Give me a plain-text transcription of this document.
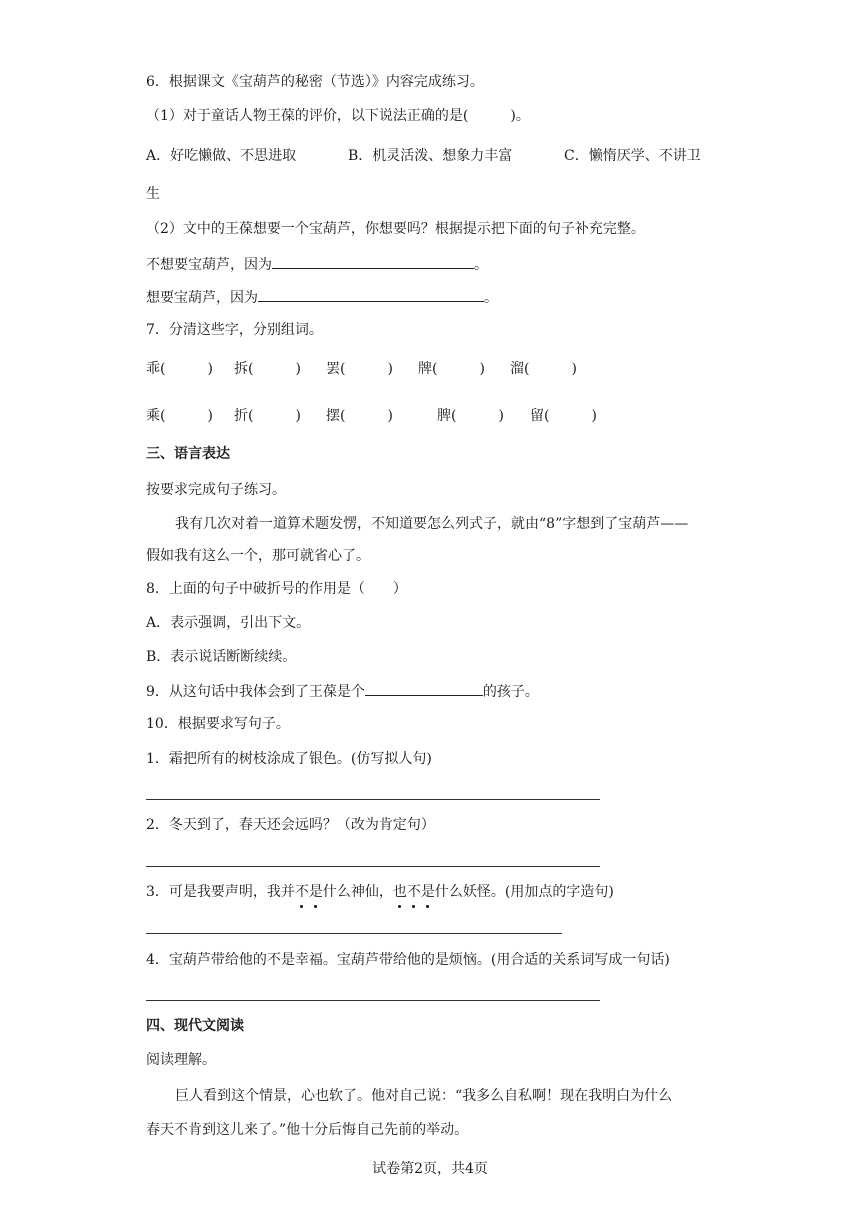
6．根据课文《宝葫芦的秘密（节选）》内容完成练习。
（1）对于童话人物王葆的评价，以下说法正确的是(　　　)。
A．好吃懒做、不思进取	B．机灵活泼、想象力丰富	C．懒惰厌学、不讲卫
生
（2）文中的王葆想要一个宝葫芦，你想要吗？根据提示把下面的句子补充完整。
不想要宝葫芦，因为	。
想要宝葫芦，因为	。
7．分清这些字，分别组词。
乖(　　　) 拆(　　　) 罢(　　　) 牌(　　　) 溜(　　　)
乘(　　　) 折(　　　) 摆(　　　)	脾(　　　) 留(　　　)
三、语言表达
按要求完成句子练习。
我有几次对着一道算术题发愣，不知道要怎么列式子，就由“8”字想到了宝葫芦——
假如我有这么一个，那可就省心了。
8．上面的句子中破折号的作用是（　　）
A．表示强调，引出下文。
B．表示说话断断续续。
9．从这句话中我体会到了王葆是个	的孩子。
10．根据要求写句子。
1．霜把所有的树枝涂成了银色。(仿写拟人句)
2．冬天到了，春天还会远吗？（改为肯定句）
3．可是我要声明，我并不是什么神仙，也不是什么妖怪。(用加点的字造句)
4．宝葫芦带给他的不是幸福。宝葫芦带给他的是烦恼。(用合适的关系词写成一句话)
四、现代文阅读
阅读理解。
巨人看到这个情景，心也软了。他对自己说：“我多么自私啊！现在我明白为什么
春天不肯到这儿来了。”他十分后悔自己先前的举动。
试卷第2页，共4页
